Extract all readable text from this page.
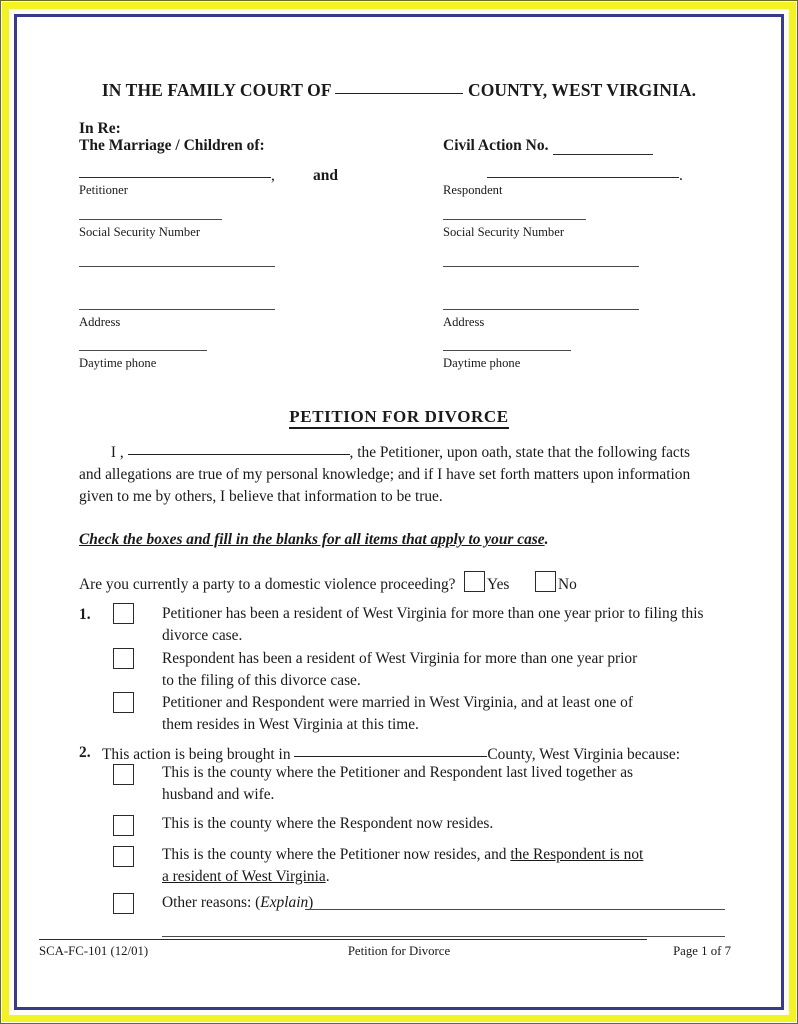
IN THE FAMILY COURT OF	COUNTY, WEST VIRGINIA.
In Re:
The Marriage / Children of:	Civil Action No.
, and	.
Petitioner	Respondent
Social Security Number	Social Security Number
Address	Address
Daytime phone	Daytime phone
PETITION FOR DIVORCE
I ,	, the Petitioner, upon oath, state that the following facts
and allegations are true of my personal knowledge; and if I have set forth matters upon information
given to me by others, I believe that information to be true.
Check the boxes and fill in the blanks for all items that apply to your case.
Are you currently a party to a domestic violence proceeding? Yes	No
1.	Petitioner has been a resident of West Virginia for more than one year prior to filing this
divorce case.
Respondent has been a resident of West Virginia for more than one year prior
to the filing of this divorce case.
Petitioner and Respondent were married in West Virginia, and at least one of
them resides in West Virginia at this time.
2. This action is being brought in	County, West Virginia because:
This is the county where the Petitioner and Respondent last lived together as
husband and wife.
This is the county where the Respondent now resides.
This is the county where the Petitioner now resides, and the Respondent is not
a resident of West Virginia.
Other reasons: (Explain)
SCA-FC-101 (12/01)	Petition for Divorce	Page 1 of 7
